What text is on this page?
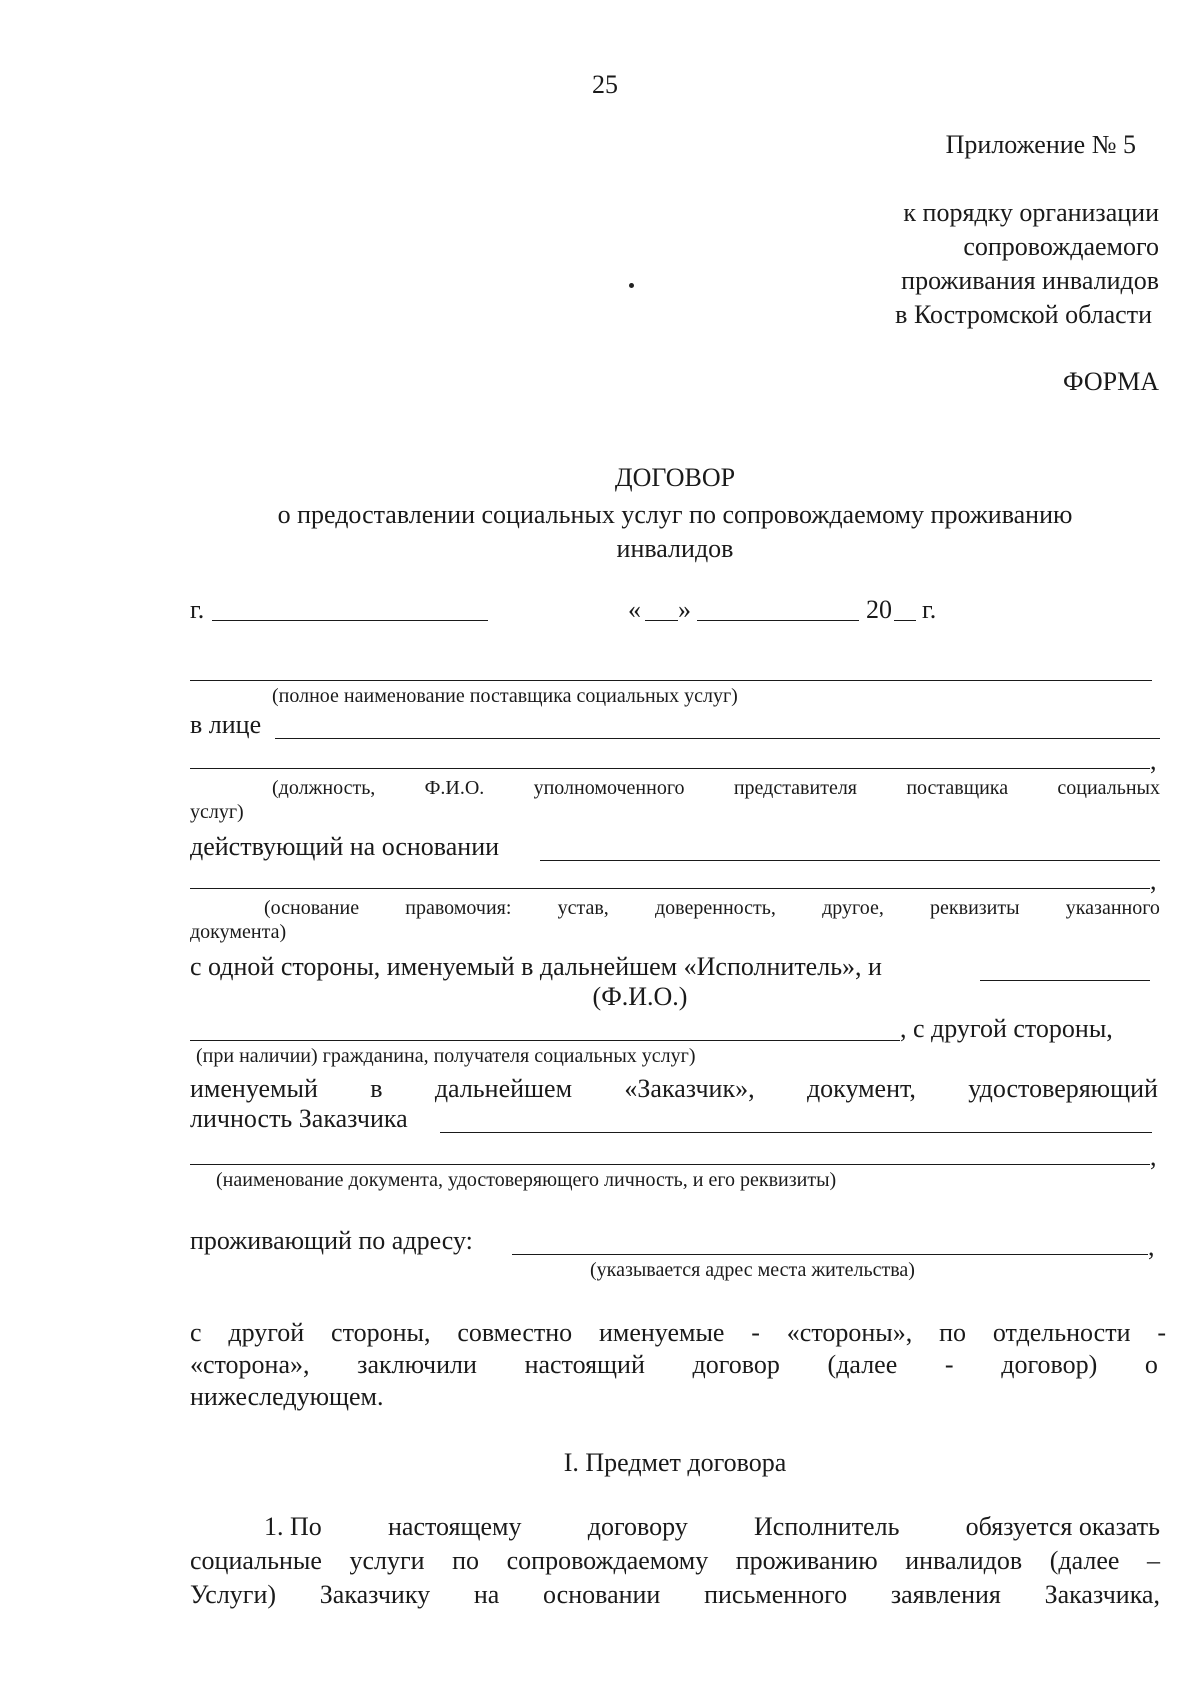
25
Приложение № 5
к порядку организации
сопровождаемого
проживания инвалидов
в Костромской области
ФОРМА
ДОГОВОР
о предоставлении социальных услуг по сопровождаемому проживанию
инвалидов
г.	« »	20 г.
(полное наименование поставщика социальных услуг)
в лице
,
(должность, Ф.И.О. уполномоченного представителя поставщика социальных
услуг)
действующий на основании
,
(основание правомочия: устав, доверенность, другое, реквизиты указанного
документа)
с одной стороны, именуемый в дальнейшем «Исполнитель», и
(Ф.И.О.)
, с другой стороны,
(при наличии) гражданина, получателя социальных услуг)
именуемый в дальнейшем «Заказчик», документ, удостоверяющий
личность Заказчика
,
(наименование документа, удостоверяющего личность, и его реквизиты)
проживающий по адресу:	,
(указывается адрес места жительства)
с другой стороны, совместно именуемые - «стороны», по отдельности -
«сторона», заключили настоящий договор (далее - договор) о
нижеследующем.
I. Предмет договора
1. По	настоящему	договору	Исполнитель	обязуется оказать
социальные услуги по сопровождаемому проживанию инвалидов (далее –
Услуги) Заказчику на основании письменного заявления Заказчика,
